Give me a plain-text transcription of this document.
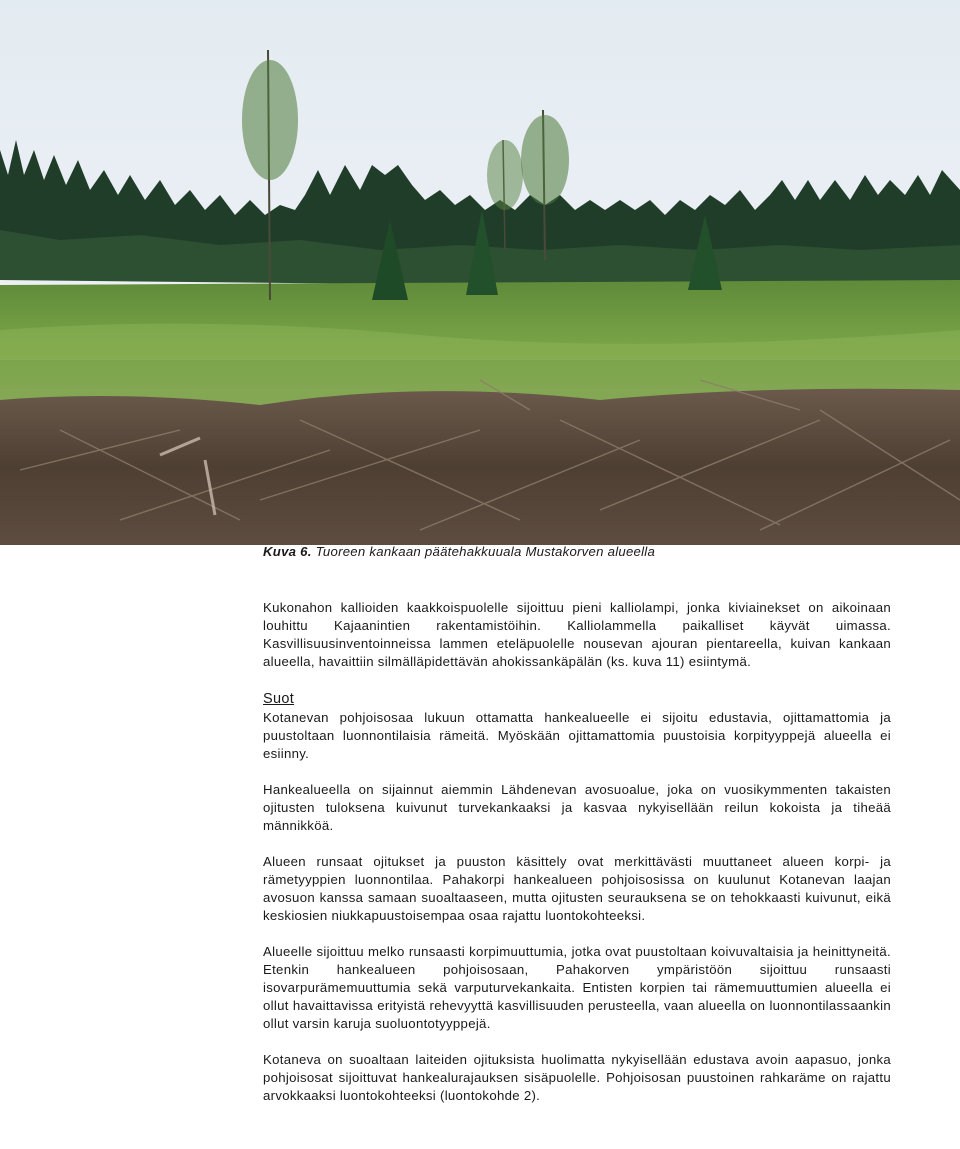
Kuva 6. Tuoreen kankaan päätehakkuuala Mustakorven alueella

Kukonahon kallioiden kaakkoispuolelle sijoittuu pieni kalliolampi, jonka kiviainekset on aikoinaan louhittu Kajaanintien rakentamistöihin. Kalliolammella paikalliset käyvät uimassa. Kasvillisuusinventoinneissa lammen eteläpuolelle nousevan ajouran pientareella, kuivan kankaan alueella, havaittiin silmälläpidettävän ahokissankäpälän (ks. kuva 11) esiintymä.

Suot

Kotanevan pohjoisosaa lukuun ottamatta hankealueelle ei sijoitu edustavia, ojittamattomia ja puustoltaan luonnontilaisia rämeitä. Myöskään ojittamattomia puustoisia korpityyppejä alueella ei esiinny.

Hankealueella on sijainnut aiemmin Lähdenevan avosuoalue, joka on vuosikymmenten takaisten ojitusten tuloksena kuivunut turvekankaaksi ja kasvaa nykyisellään reilun kokoista ja tiheää männikköä.

Alueen runsaat ojitukset ja puuston käsittely ovat merkittävästi muuttaneet alueen korpi- ja rämetyyppien luonnontilaa. Pahakorpi hankealueen pohjoisosissa on kuulunut Kotanevan laajan avosuon kanssa samaan suoaltaaseen, mutta ojitusten seurauksena se on tehokkaasti kuivunut, eikä keskiosien niukkapuustoisempaa osaa rajattu luontokohteeksi.

Alueelle sijoittuu melko runsaasti korpimuuttumia, jotka ovat puustoltaan koivuvaltaisia ja heinittyneitä. Etenkin hankealueen pohjoisosaan, Pahakorven ympäristöön sijoittuu runsaasti isovarpurämemuuttumia sekä varputurvekankaita. Entisten korpien tai rämemuuttumien alueella ei ollut havaittavissa erityistä rehevyyttä kasvillisuuden perusteella, vaan alueella on luonnontilassaankin ollut varsin karuja suoluontotyyppejä.

Kotaneva on suoaltaan laiteiden ojituksista huolimatta nykyisellään edustava avoin aapasuo, jonka pohjoisosat sijoittuvat hankealurajauksen sisäpuolelle. Pohjoisosan puustoinen rahkaräme on rajattu arvokkaaksi luontokohteeksi (luontokohde 2).
